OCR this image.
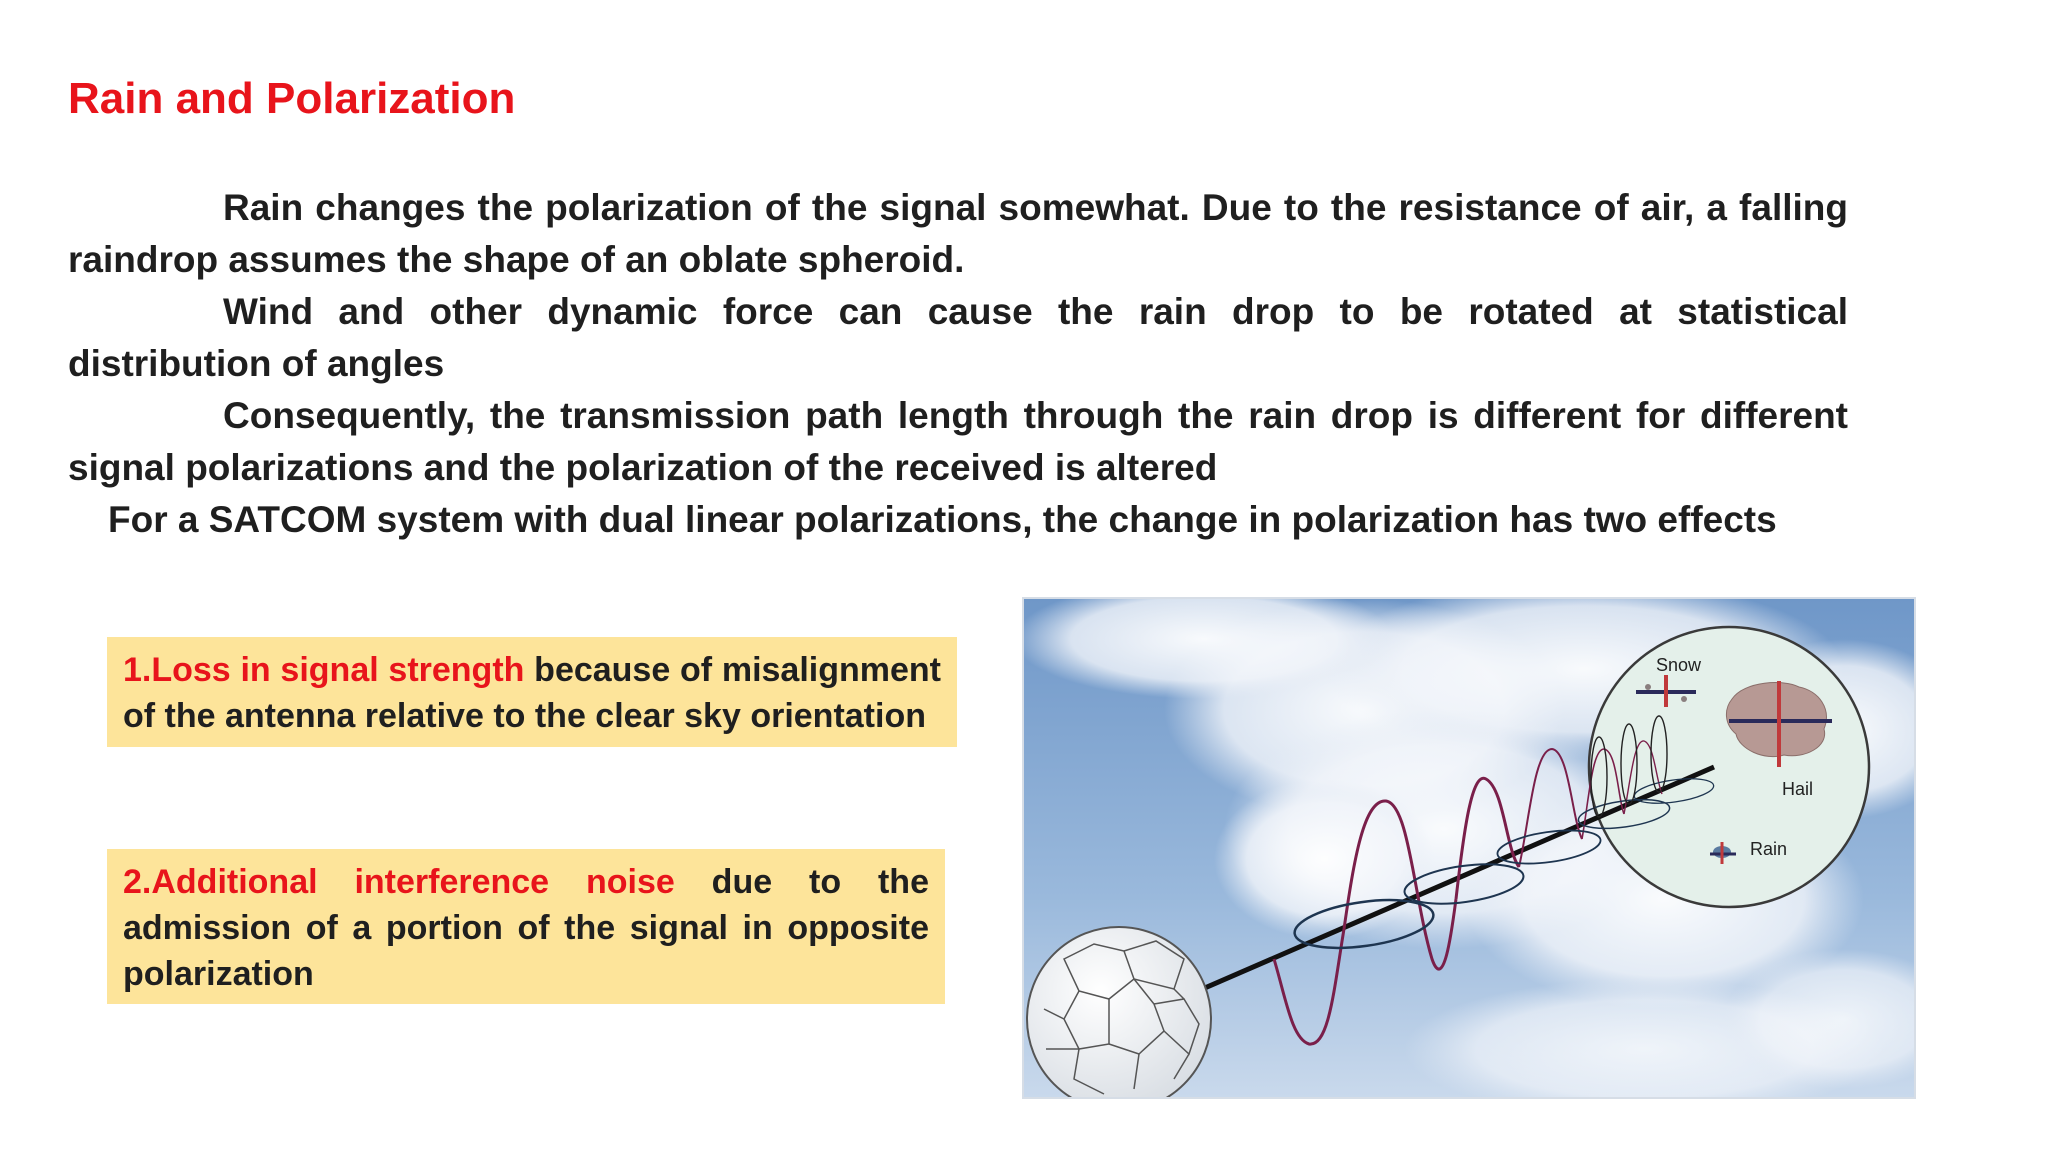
Rain and Polarization

Rain changes the polarization of the signal somewhat. Due to the resistance of air, a falling raindrop assumes the shape of an oblate spheroid.

Wind and other dynamic force can cause the rain drop to be rotated at statistical distribution of angles

Consequently, the transmission path length through the rain drop is different for different signal polarizations and the polarization of the received is altered

For a SATCOM system with dual linear polarizations, the change in polarization has two effects

1.Loss in signal strength because of misalignment of the antenna relative to the clear sky orientation
2.Additional interference noise due to the admission of a portion of the signal in opposite polarization
Snow
Hail
Rain
